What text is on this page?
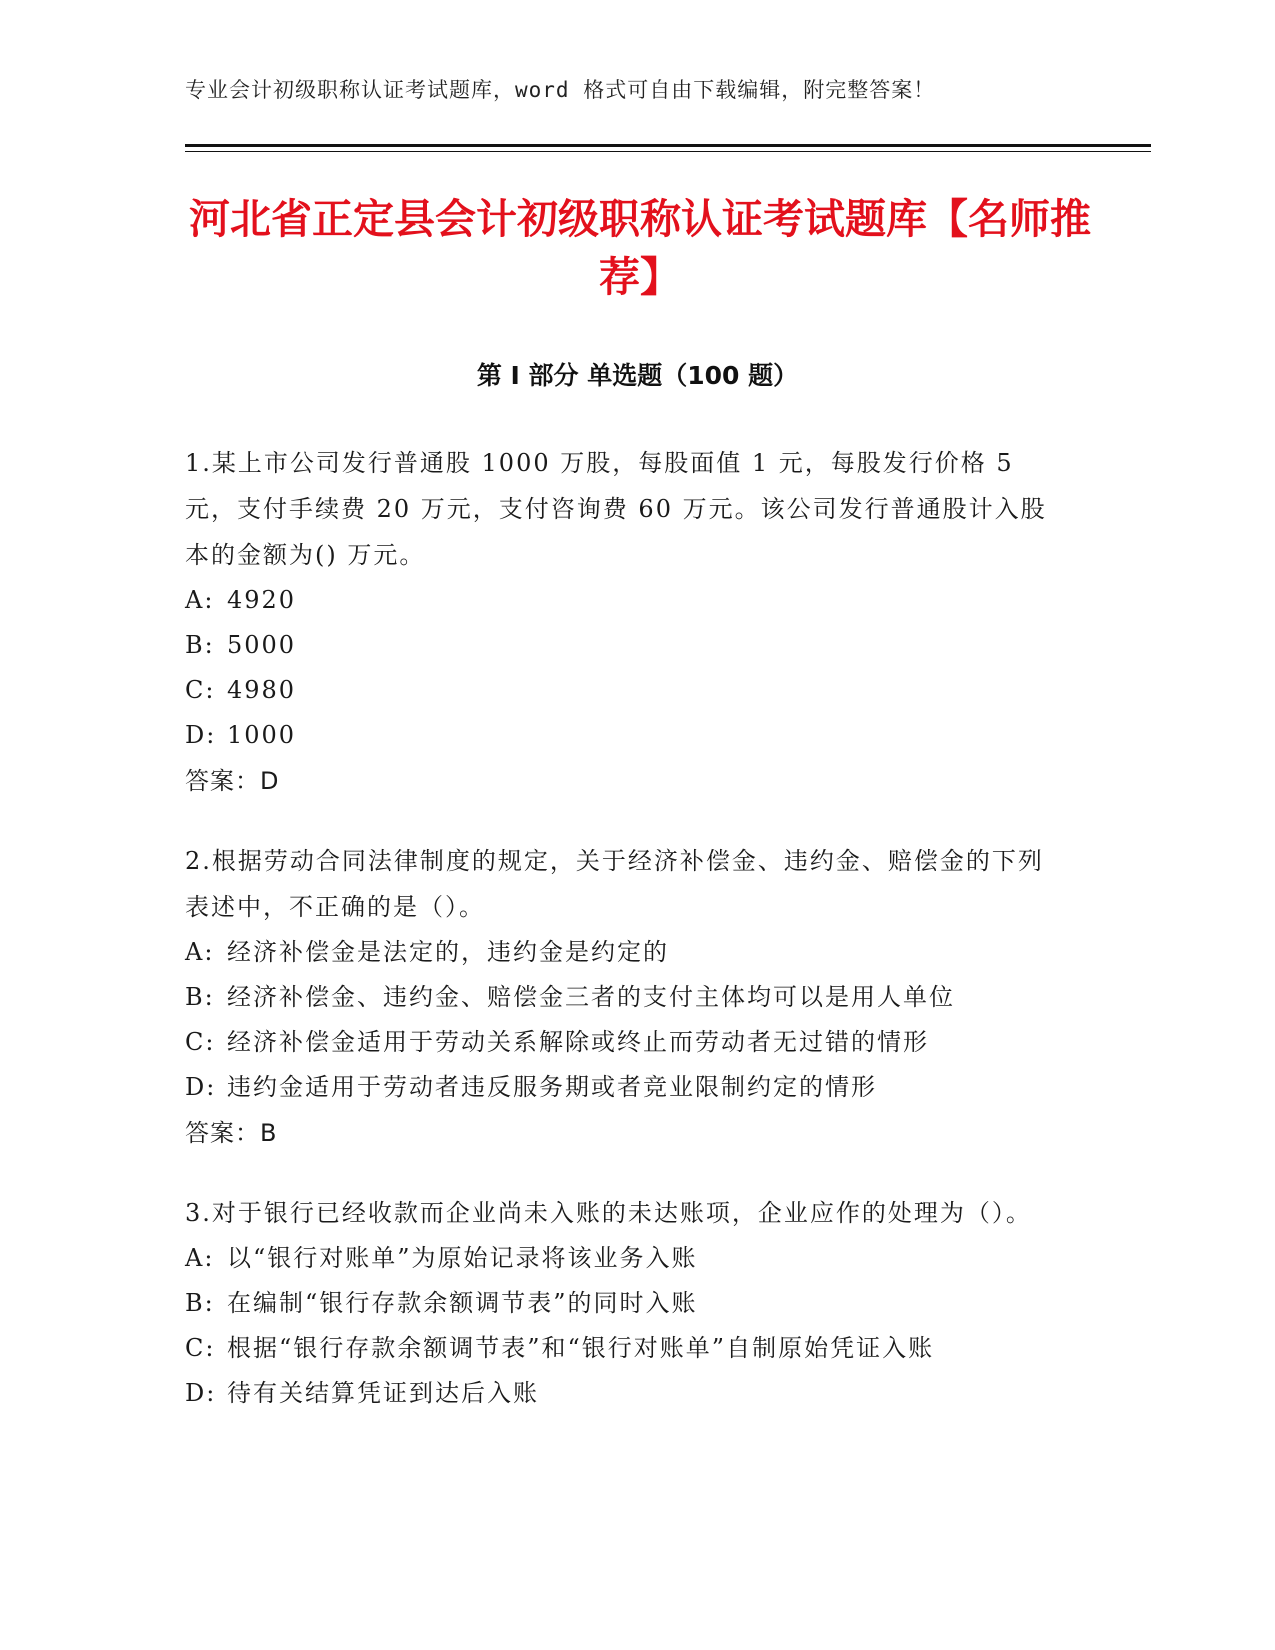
专业会计初级职称认证考试题库，word 格式可自由下载编辑，附完整答案！
河北省正定县会计初级职称认证考试题库【名师推荐】
第 I 部分 单选题（100 题）

1.某上市公司发行普通股 1000 万股，每股面值 1 元，每股发行价格 5 元，支付手续费 20 万元，支付咨询费 60 万元。该公司发行普通股计入股本的金额为() 万元。

A: 4920
B: 5000
C: 4980
D: 1000
答案：D

2.根据劳动合同法律制度的规定，关于经济补偿金、违约金、赔偿金的下列表述中，不正确的是（）。

A: 经济补偿金是法定的，违约金是约定的
B: 经济补偿金、违约金、赔偿金三者的支付主体均可以是用人单位
C: 经济补偿金适用于劳动关系解除或终止而劳动者无过错的情形
D: 违约金适用于劳动者违反服务期或者竞业限制约定的情形
答案：B

3.对于银行已经收款而企业尚未入账的未达账项，企业应作的处理为（）。

A: 以“银行对账单”为原始记录将该业务入账
B: 在编制“银行存款余额调节表”的同时入账
C: 根据“银行存款余额调节表”和“银行对账单”自制原始凭证入账
D: 待有关结算凭证到达后入账
